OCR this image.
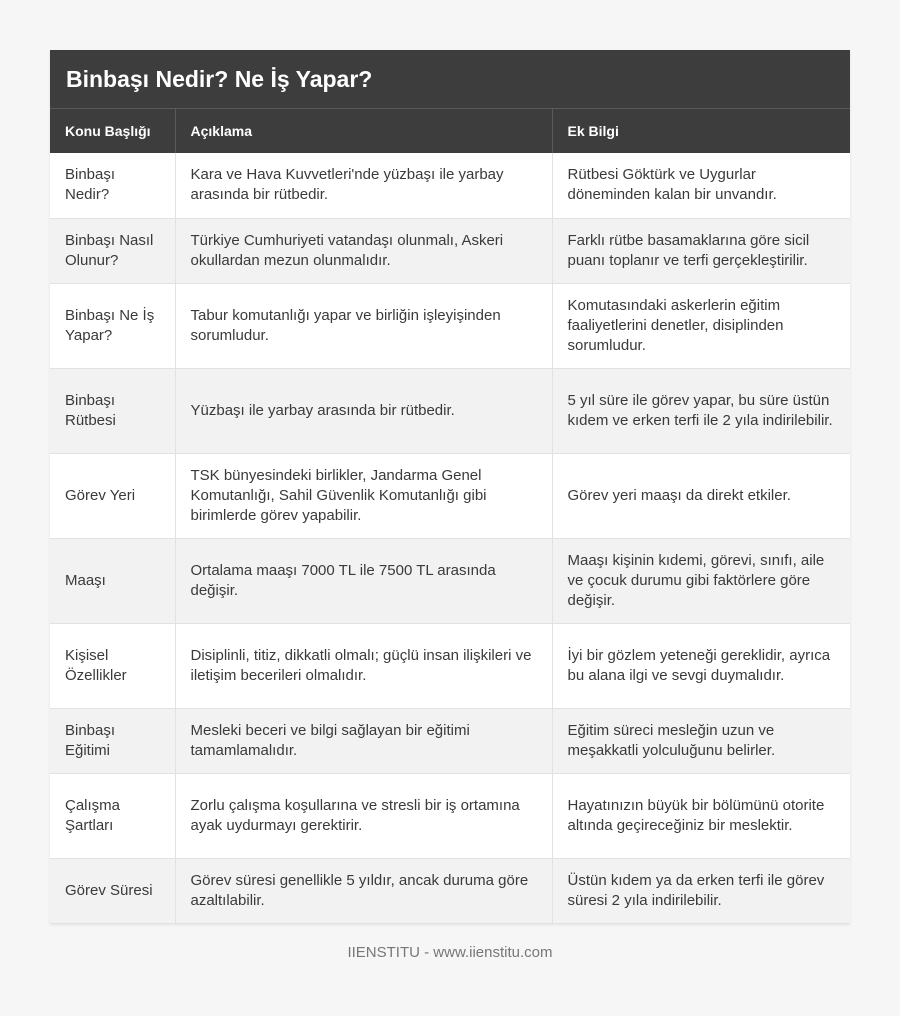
Binbaşı Nedir? Ne İş Yapar?
Konu Başlığı	Açıklama	Ek Bilgi
Binbaşı Nedir?	Kara ve Hava Kuvvetleri'nde yüzbaşı ile yarbay arasında bir rütbedir.	Rütbesi Göktürk ve Uygurlar döneminden kalan bir unvandır.
Binbaşı Nasıl Olunur?	Türkiye Cumhuriyeti vatandaşı olunmalı, Askeri okullardan mezun olunmalıdır.	Farklı rütbe basamaklarına göre sicil puanı toplanır ve terfi gerçekleştirilir.
Binbaşı Ne İş Yapar?	Tabur komutanlığı yapar ve birliğin işleyişinden sorumludur.	Komutasındaki askerlerin eğitim faaliyetlerini denetler, disiplinden sorumludur.
Binbaşı Rütbesi	Yüzbaşı ile yarbay arasında bir rütbedir.	5 yıl süre ile görev yapar, bu süre üstün kıdem ve erken terfi ile 2 yıla indirilebilir.
Görev Yeri	TSK bünyesindeki birlikler, Jandarma Genel Komutanlığı, Sahil Güvenlik Komutanlığı gibi birimlerde görev yapabilir.	Görev yeri maaşı da direkt etkiler.
Maaşı	Ortalama maaşı 7000 TL ile 7500 TL arasında değişir.	Maaşı kişinin kıdemi, görevi, sınıfı, aile ve çocuk durumu gibi faktörlere göre değişir.
Kişisel Özellikler	Disiplinli, titiz, dikkatli olmalı; güçlü insan ilişkileri ve iletişim becerileri olmalıdır.	İyi bir gözlem yeteneği gereklidir, ayrıca bu alana ilgi ve sevgi duymalıdır.
Binbaşı Eğitimi	Mesleki beceri ve bilgi sağlayan bir eğitimi tamamlamalıdır.	Eğitim süreci mesleğin uzun ve meşakkatli yolculuğunu belirler.
Çalışma Şartları	Zorlu çalışma koşullarına ve stresli bir iş ortamına ayak uydurmayı gerektirir.	Hayatınızın büyük bir bölümünü otorite altında geçireceğiniz bir meslektir.
Görev Süresi	Görev süresi genellikle 5 yıldır, ancak duruma göre azaltılabilir.	Üstün kıdem ya da erken terfi ile görev süresi 2 yıla indirilebilir.
IIENSTITU - www.iienstitu.com
